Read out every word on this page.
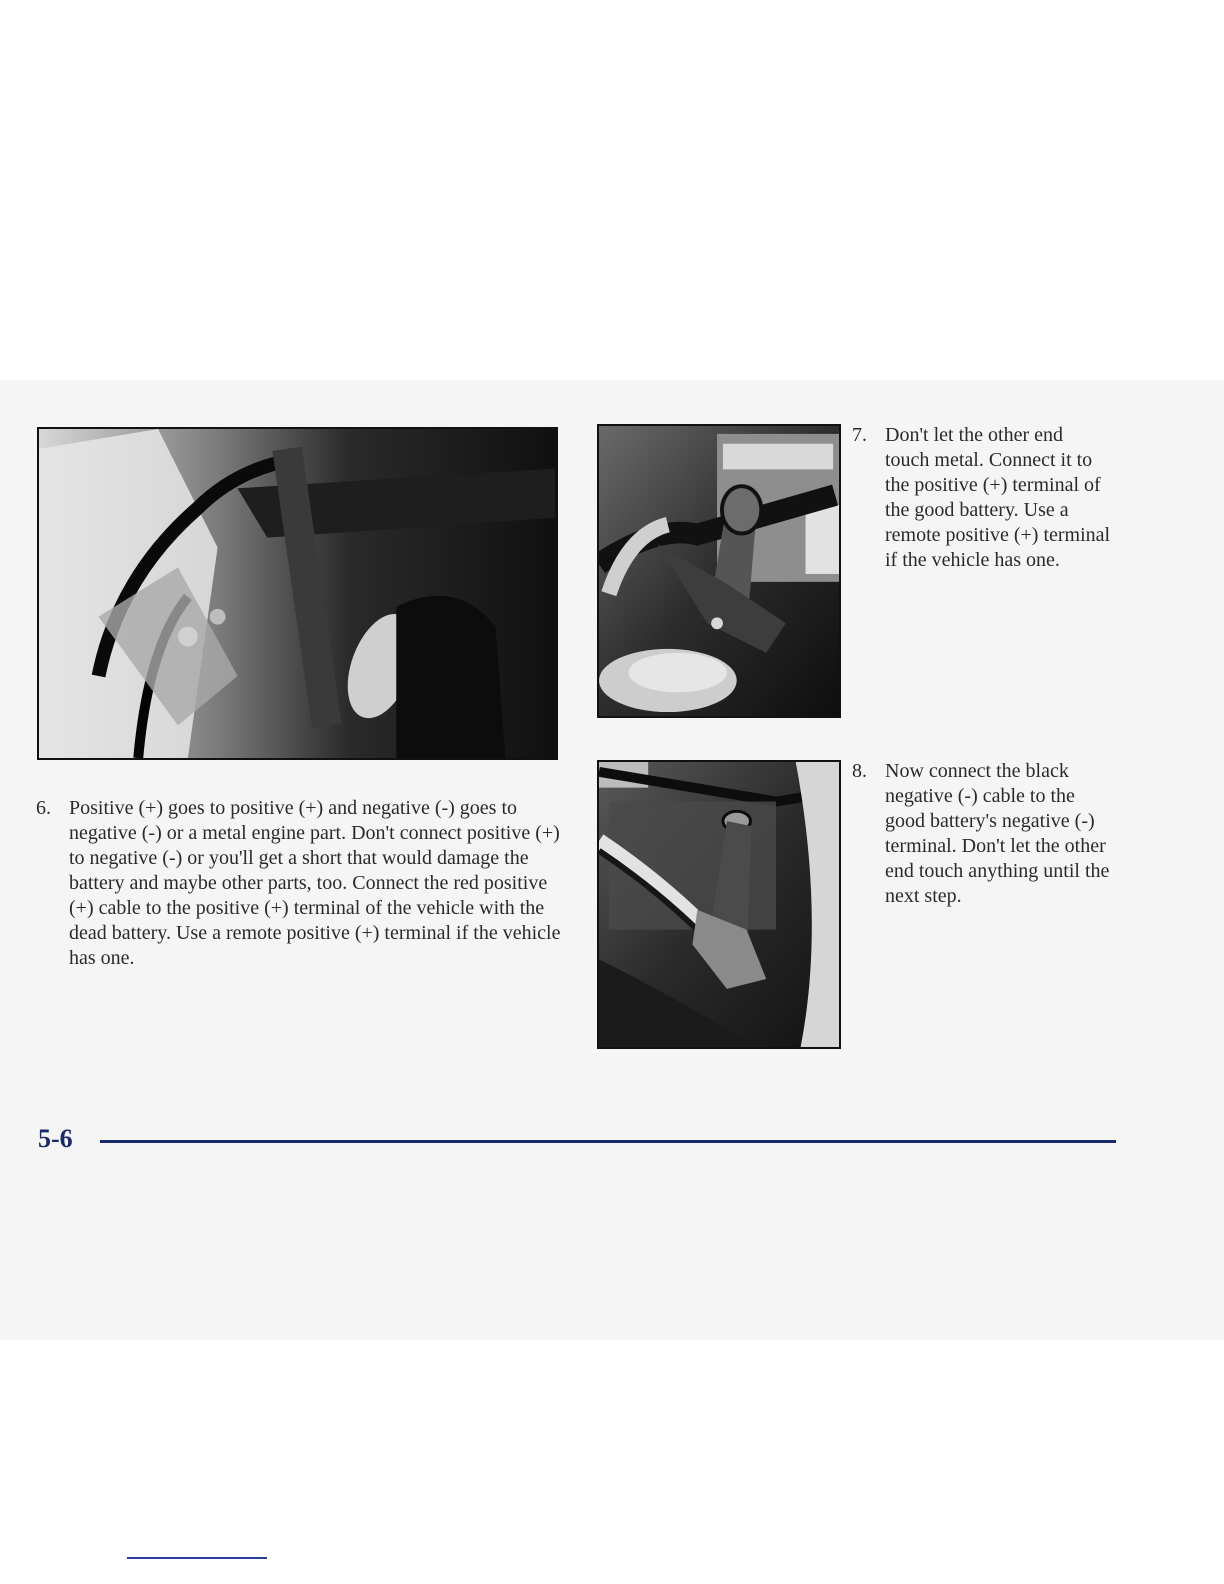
6. Positive (+) goes to positive (+) and negative (-) goes to negative (-) or a metal engine part. Don't connect positive (+) to negative (-) or you'll get a short that would damage the battery and maybe other parts, too. Connect the red positive (+) cable to the positive (+) terminal of the vehicle with the dead battery. Use a remote positive (+) terminal if the vehicle has one.
7. Don't let the other end touch metal. Connect it to the positive (+) terminal of the good battery. Use a remote positive (+) terminal if the vehicle has one.
8. Now connect the black negative (-) cable to the good battery's negative (-) terminal. Don't let the other end touch anything until the next step.
5-6
